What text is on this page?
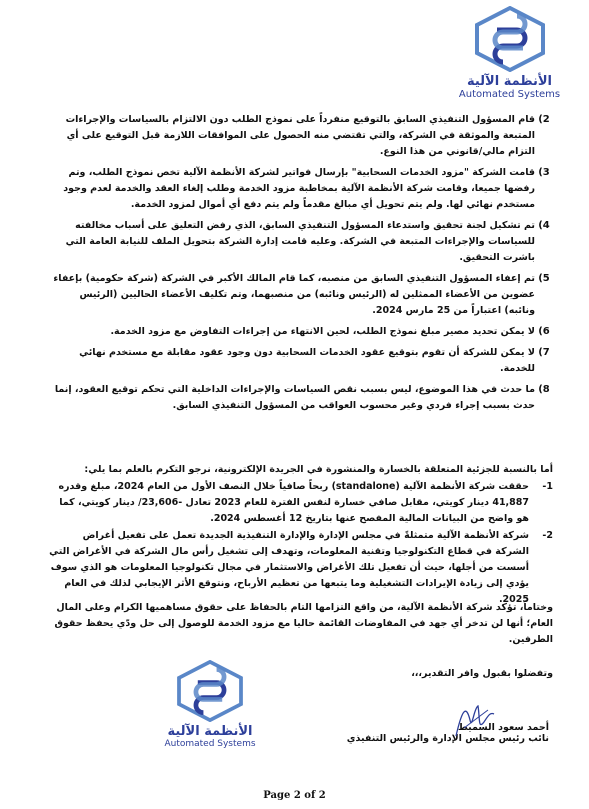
الأنظمة الآلية
Automated Systems
2)
قام المسؤول التنفيذي السابق بالتوقيع منفرداً على نموذج الطلب دون الالتزام بالسياسات والإجراءات المتبعة والموثقة في الشركة، والتي تقتضي منه الحصول على الموافقات اللازمة قبل التوقيع على أي التزام مالي/قانوني من هذا النوع.
3)
قامت الشركة "مزود الخدمات السحابية" بإرسال فواتير لشركة الأنظمة الآلية تخص نموذج الطلب، وتم رفضها جميعا، وقامت شركة الأنظمة الآلية بمخاطبة مزود الخدمة وطلب إلغاء العقد والخدمة لعدم وجود مستخدم نهائي لها. ولم يتم تحويل أي مبالغ مقدماً ولم يتم دفع أي أموال لمزود الخدمة.
4)
تم تشكيل لجنة تحقيق واستدعاء المسؤول التنفيذي السابق، الذي رفض التعليق على أسباب مخالفته للسياسات والإجراءات المتبعة في الشركة. وعليه قامت إدارة الشركة بتحويل الملف للنيابة العامة التي باشرت التحقيق.
5)
تم إعفاء المسؤول التنفيذي السابق من منصبه، كما قام المالك الأكبر في الشركة (شركة حكومية) بإعفاء عضوين من الأعضاء الممثلين له (الرئيس ونائبه) من منصبهما، وتم تكليف الأعضاء الحاليين (الرئيس ونائبه) اعتباراً من 25 مارس 2024.
6)
لا يمكن تحديد مصير مبلغ نموذج الطلب، لحين الانتهاء من إجراءات التفاوض مع مزود الخدمة.
7)
لا يمكن للشركة أن تقوم بتوقيع عقود الخدمات السحابية دون وجود عقود مقابلة مع مستخدم نهائي للخدمة.
8)
ما حدث في هذا الموضوع، ليس بسبب نقص السياسات والإجراءات الداخلية التي تحكم توقيع العقود، إنما حدث بسبب إجراء فردي وغير محسوب العواقب من المسؤول التنفيذي السابق.

أما بالنسبة للجزئية المتعلقة بالخسارة والمنشورة في الجريدة الإلكترونية، نرجو التكرم بالعلم بما يلي:

1-
حققت شركة الأنظمة الآلية (standalone) ربحاً صافياً خلال النصف الأول من العام 2024، مبلغ وقدره 41,887 دينار كويتي، مقابل صافي خسارة لنفس الفترة للعام 2023 تعادل -23,606/ دينار كويتي، كما هو واضح من البيانات المالية المفصح عنها بتاريخ 12 أغسطس 2024.
2-
شركة الأنظمة الآلية متمثلةً في مجلس الإدارة والإدارة التنفيذية الجديدة تعمل على تفعيل أغراض الشركة في قطاع التكنولوجيا وتقنية المعلومات، وتهدف إلى تشغيل رأس مال الشركة في الأغراض التي أسست من أجلها، حيث أن تفعيل تلك الأغراض والاستثمار في مجال تكنولوجيا المعلومات هو الذي سوف يؤدي إلى زيادة الإيرادات التشغيلية وما يتبعها من تعظيم الأرباح، ونتوقع الأثر الإيجابي لذلك في العام 2025.

وختاماً، تؤكد شركة الأنظمة الآلية، من واقع التزامها التام بالحفاظ على حقوق مساهميها الكرام وعلى المال العام؛ أنها لن تدخر أي جهد في المفاوضات القائمة حاليا مع مزود الخدمة للوصول إلى حل ودّي يحفظ حقوق الطرفين.

وتفضلوا بقبول وافر التقدير،،،
الأنظمة الآلية
Automated Systems
أحمد سعود السميط
نائب رئيس مجلس الإدارة والرئيس التنفيذي
Page 2 of 2
